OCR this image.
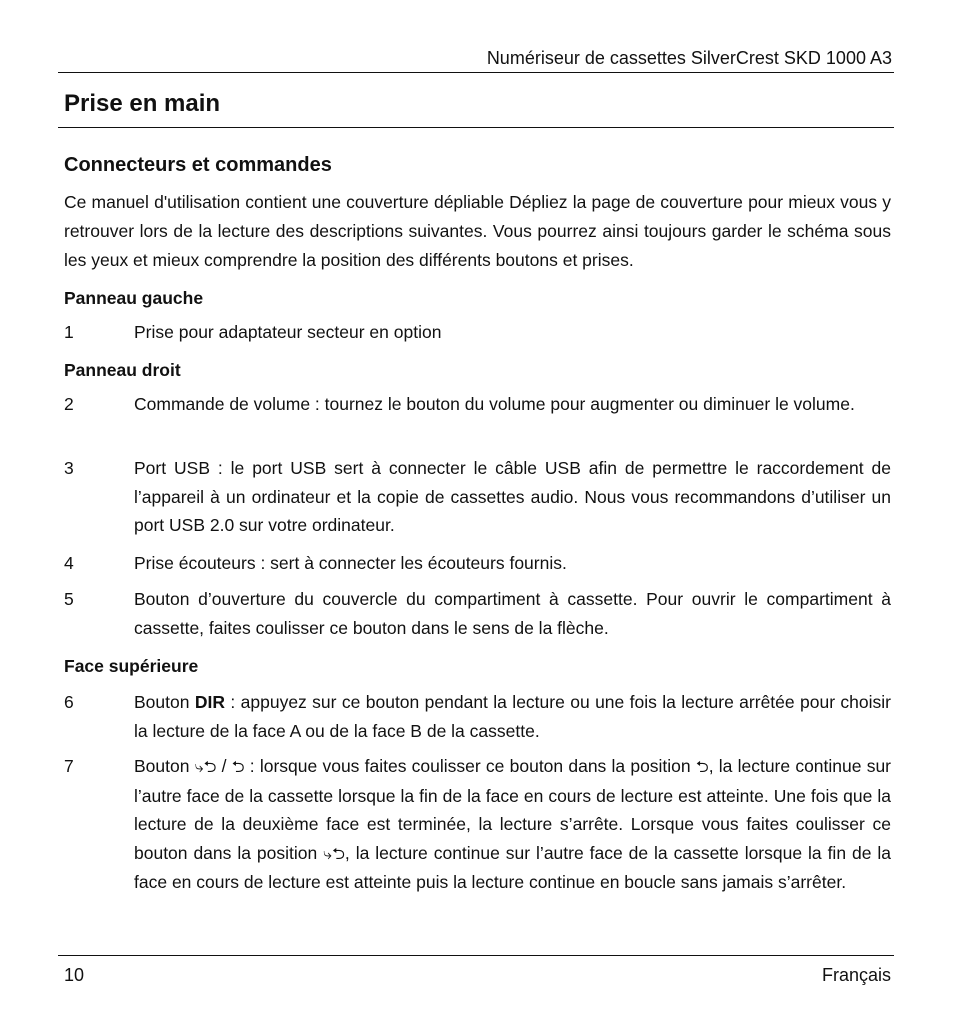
Numériseur de cassettes SilverCrest SKD 1000 A3
Prise en main
Connecteurs et commandes

Ce manuel d'utilisation contient une couverture dépliable Dépliez la page de couverture pour mieux vous y retrouver lors de la lecture des descriptions suivantes. Vous pourrez ainsi toujours garder le schéma sous les yeux et mieux comprendre la position des différents boutons et prises.

Panneau gauche
1	Prise pour adaptateur secteur en option
Panneau droit
2	Commande de volume : tournez le bouton du volume pour augmenter ou diminuer le volume.
3	Port USB : le port USB sert à connecter le câble USB afin de permettre le raccordement de l’appareil à un ordinateur et la copie de cassettes audio. Nous vous recommandons d’utiliser un port USB 2.0 sur votre ordinateur.
4	Prise écouteurs : sert à connecter les écouteurs fournis.
5	Bouton d’ouverture du couvercle du compartiment à cassette. Pour ouvrir le compartiment à cassette, faites coulisser ce bouton dans le sens de la flèche.
Face supérieure
6	Bouton DIR : appuyez sur ce bouton pendant la lecture ou une fois la lecture arrêtée pour choisir la lecture de la face A ou de la face B de la cassette.
7	Bouton ⤷⮌ / ⮌ : lorsque vous faites coulisser ce bouton dans la position ⮌, la lecture continue sur l’autre face de la cassette lorsque la fin de la face en cours de lecture est atteinte. Une fois que la lecture de la deuxième face est terminée, la lecture s’arrête. Lorsque vous faites coulisser ce bouton dans la position ⤷⮌, la lecture continue sur l’autre face de la cassette lorsque la fin de la face en cours de lecture est atteinte puis la lecture continue en boucle sans jamais s’arrêter.
10	Français
